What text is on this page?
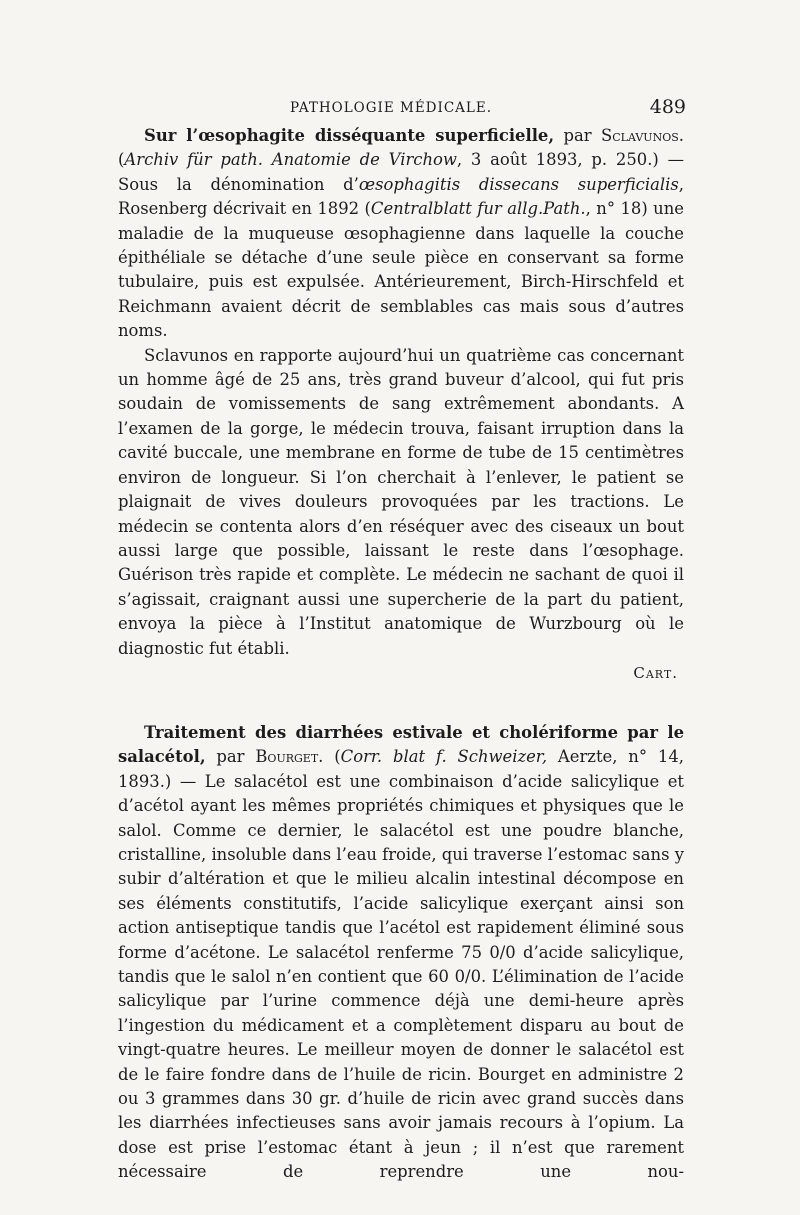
PATHOLOGIE MÉDICALE.	489

Sur l’œsophagite disséquante superficielle, par Sclavunos. (Archiv für path. Anatomie de Virchow, 3 août 1893, p. 250.) — Sous la dénomination d’œsophagitis dissecans superficialis, Rosenberg décrivait en 1892 (Centralblatt fur allg.Path., n° 18) une maladie de la muqueuse œsophagienne dans laquelle la couche épithéliale se détache d’une seule pièce en conservant sa forme tubulaire, puis est expulsée. Antérieurement, Birch-Hirschfeld et Reichmann avaient décrit de semblables cas mais sous d’autres noms.

Sclavunos en rapporte aujourd’hui un quatrième cas concernant un homme âgé de 25 ans, très grand buveur d’alcool, qui fut pris soudain de vomissements de sang extrêmement abondants. A l’examen de la gorge, le médecin trouva, faisant irruption dans la cavité buccale, une membrane en forme de tube de 15 centimètres environ de longueur. Si l’on cherchait à l’enlever, le patient se plaignait de vives douleurs provoquées par les tractions. Le médecin se contenta alors d’en réséquer avec des ciseaux un bout aussi large que possible, laissant le reste dans l’œsophage. Guérison très rapide et complète. Le médecin ne sachant de quoi il s’agissait, craignant aussi une supercherie de la part du patient, envoya la pièce à l’Institut anatomique de Wurzbourg où le diagnostic fut établi.

Cart.

Traitement des diarrhées estivale et cholériforme par le salacétol, par Bourget. (Corr. blat f. Schweizer, Aerzte, n° 14, 1893.) — Le salacétol est une combinaison d’acide salicylique et d’acétol ayant les mêmes propriétés chimiques et physiques que le salol. Comme ce dernier, le salacétol est une poudre blanche, cristalline, insoluble dans l’eau froide, qui traverse l’estomac sans y subir d’altération et que le milieu alcalin intestinal décompose en ses éléments constitutifs, l’acide salicylique exerçant ainsi son action antiseptique tandis que l’acétol est rapidement éliminé sous forme d’acétone. Le salacétol renferme 75 0/0 d’acide salicylique, tandis que le salol n’en contient que 60 0/0. L’élimination de l’acide salicylique par l’urine commence déjà une demi-heure après l’ingestion du médicament et a complètement disparu au bout de vingt-quatre heures. Le meilleur moyen de donner le salacétol est de le faire fondre dans de l’huile de ricin. Bourget en administre 2 ou 3 grammes dans 30 gr. d’huile de ricin avec grand succès dans les diarrhées infectieuses sans avoir jamais recours à l’opium. La dose est prise l’estomac étant à jeun ; il n’est que rarement nécessaire de reprendre une nou-
